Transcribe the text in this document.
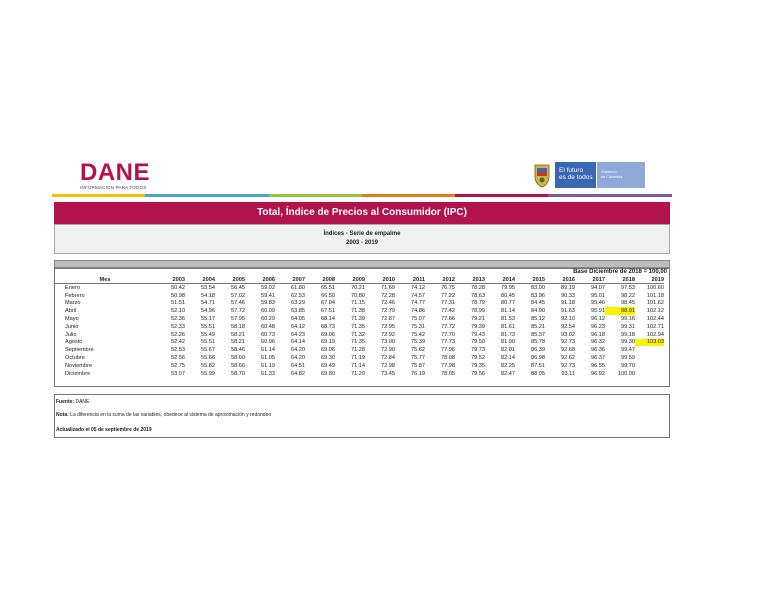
DANE
INFORMACIÓN PARA TODOS
El futuro
es de todos
Gobierno
de Colombia
Total, Índice de Precios al Consumidor (IPC)
Índices - Serie de empalme
2003 - 2019
Base Diciembre de 2018 = 100,00
Mes	2003	2004	2005	2006	2007	2008	2009	2010	2011	2012	2013	2014	2015	2016	2017	2018	2019
Enero	50.42	53.54	56.45	59.02	61.80	65.51	70.21	71.69	74.12	76.75	78.28	79.95	83.00	89.19	94.07	97.53	100.60
Febrero	50.98	54.18	57.02	59.41	62.53	66.50	70.80	72.28	74.57	77.22	78.63	80.45	83.96	90.33	95.01	98.22	101.18
Marzo	51.51	54.71	57.46	59.83	63.29	67.04	71.15	72.46	74.77	77.31	78.79	80.77	84.45	91.18	95.46	98.45	101.62
Abril	52.10	54.96	57.72	60.09	63.85	67.51	71.38	72.79	74.86	77.42	78.99	81.14	84.90	91.63	95.91	98.91	102.12
Mayo	52.36	55.17	57.95	60.29	64.05	68.14	71.39	72.87	75.07	77.66	79.21	81.53	85.12	92.10	96.12	99.16	102.44
Junio	52.33	55.51	58.18	60.48	64.12	68.73	71.35	72.95	75.31	77.72	79.39	81.61	85.21	92.54	96.23	99.31	102.71
Julio	52.26	55.49	58.21	60.73	64.23	69.06	71.32	72.92	75.42	77.70	79.43	81.73	85.37	93.02	96.18	99.18	102.94
Agosto	52.42	55.51	58.21	60.96	64.14	69.19	71.35	73.00	75.39	77.73	79.50	81.90	85.78	92.73	96.32	99.30	103.03
Septiembre	52.53	55.67	58.46	61.14	64.20	69.06	71.28	72.90	75.62	77.96	79.73	82.01	86.39	92.68	96.36	99.47	
Octubre	52.56	55.66	58.60	61.05	64.20	69.30	71.19	72.84	75.77	78.08	79.52	82.14	86.98	92.62	96.37	99.59	
Noviembre	52.75	55.82	58.66	61.19	64.51	69.49	71.14	72.98	75.87	77.98	79.35	82.25	87.51	92.73	96.55	99.70	
Diciembre	53.07	55.99	58.70	61.33	64.82	69.80	71.20	73.45	76.19	78.05	79.56	82.47	88.05	93.11	96.92	100.00	
Fuente: DANE
Nota: La diferencia en la suma de las variables, obedece al sistema de aproximación y redondeo
Actualizado el 05 de septiembre de 2019
